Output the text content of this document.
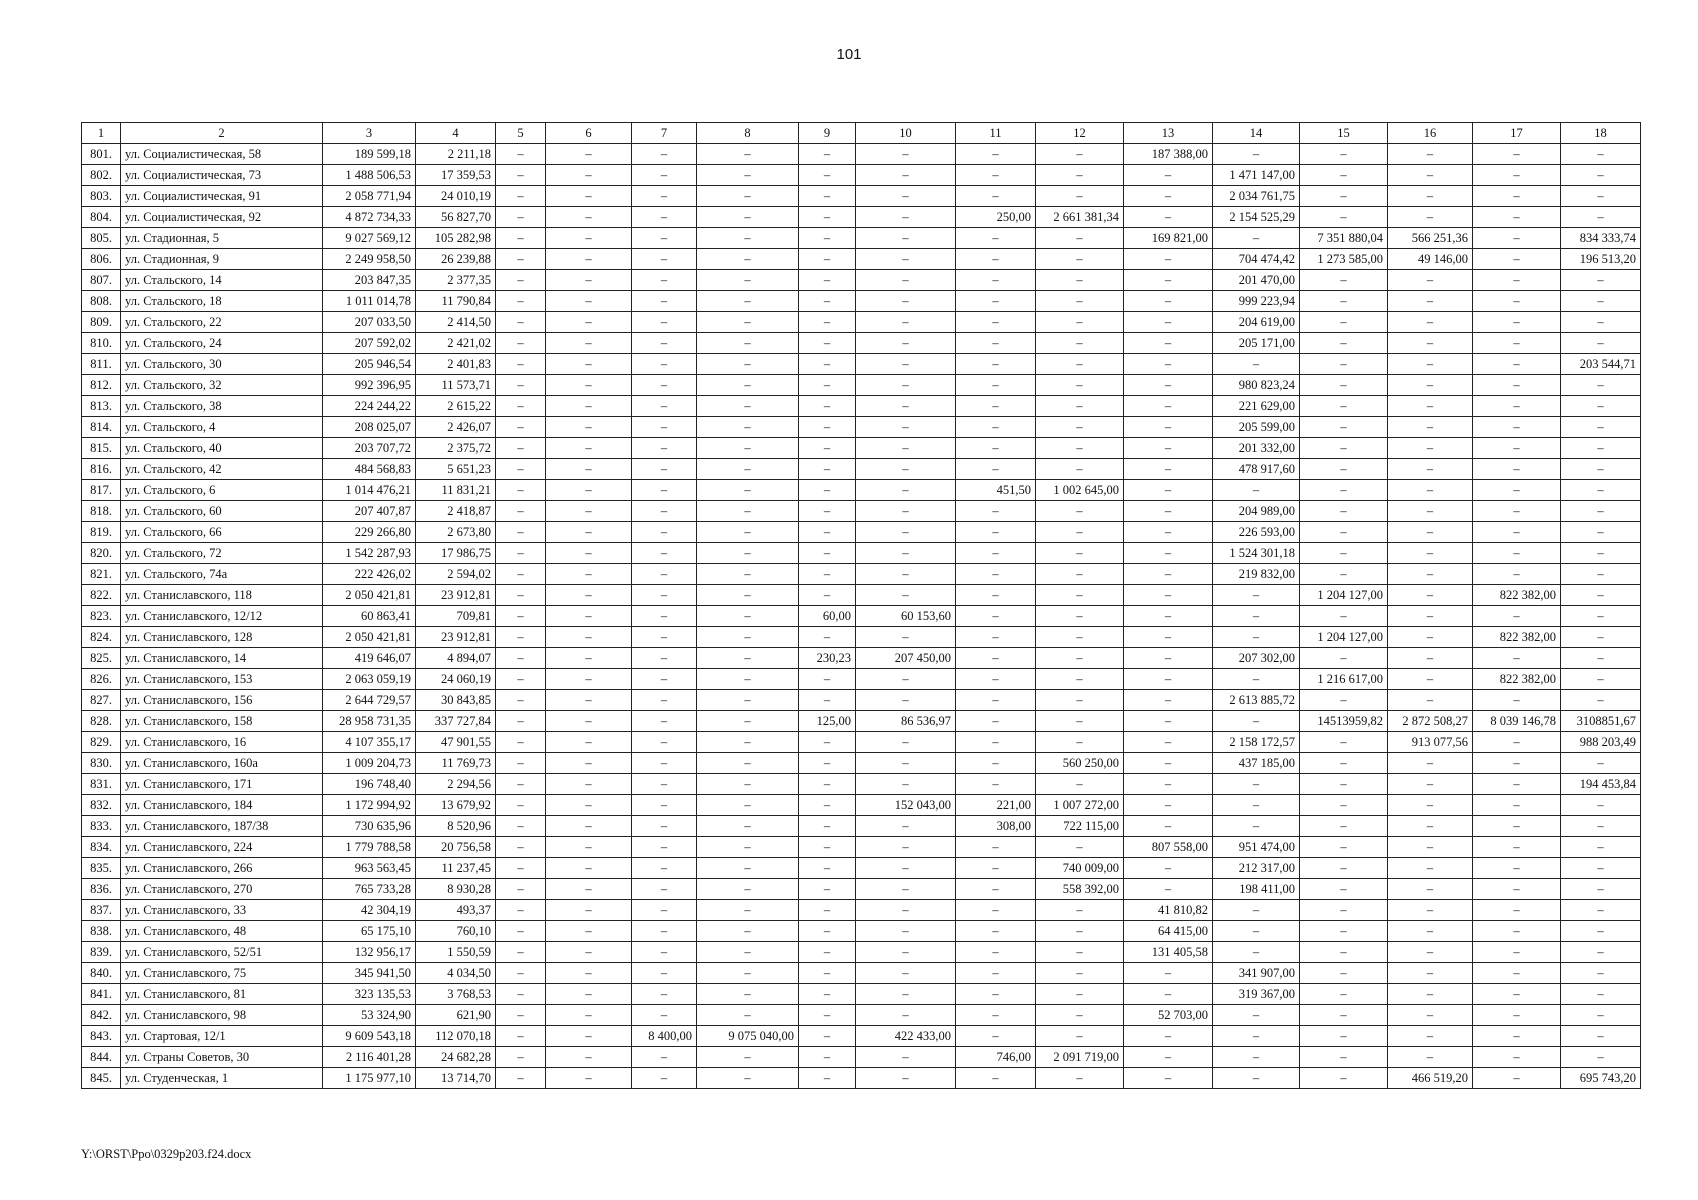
101
1	2	3	4	5	6	7	8	9	10	11	12	13	14	15	16	17	18
801.	ул. Социалистическая, 58	189 599,18	2 211,18	–	–	–	–	–	–	–	–	187 388,00	–	–	–	–	–
802.	ул. Социалистическая, 73	1 488 506,53	17 359,53	–	–	–	–	–	–	–	–	–	1 471 147,00	–	–	–	–
803.	ул. Социалистическая, 91	2 058 771,94	24 010,19	–	–	–	–	–	–	–	–	–	2 034 761,75	–	–	–	–
804.	ул. Социалистическая, 92	4 872 734,33	56 827,70	–	–	–	–	–	–	250,00	2 661 381,34	–	2 154 525,29	–	–	–	–
805.	ул. Стадионная, 5	9 027 569,12	105 282,98	–	–	–	–	–	–	–	–	169 821,00	–	7 351 880,04	566 251,36	–	834 333,74
806.	ул. Стадионная, 9	2 249 958,50	26 239,88	–	–	–	–	–	–	–	–	–	704 474,42	1 273 585,00	49 146,00	–	196 513,20
807.	ул. Стальского, 14	203 847,35	2 377,35	–	–	–	–	–	–	–	–	–	201 470,00	–	–	–	–
808.	ул. Стальского, 18	1 011 014,78	11 790,84	–	–	–	–	–	–	–	–	–	999 223,94	–	–	–	–
809.	ул. Стальского, 22	207 033,50	2 414,50	–	–	–	–	–	–	–	–	–	204 619,00	–	–	–	–
810.	ул. Стальского, 24	207 592,02	2 421,02	–	–	–	–	–	–	–	–	–	205 171,00	–	–	–	–
811.	ул. Стальского, 30	205 946,54	2 401,83	–	–	–	–	–	–	–	–	–	–	–	–	–	203 544,71
812.	ул. Стальского, 32	992 396,95	11 573,71	–	–	–	–	–	–	–	–	–	980 823,24	–	–	–	–
813.	ул. Стальского, 38	224 244,22	2 615,22	–	–	–	–	–	–	–	–	–	221 629,00	–	–	–	–
814.	ул. Стальского, 4	208 025,07	2 426,07	–	–	–	–	–	–	–	–	–	205 599,00	–	–	–	–
815.	ул. Стальского, 40	203 707,72	2 375,72	–	–	–	–	–	–	–	–	–	201 332,00	–	–	–	–
816.	ул. Стальского, 42	484 568,83	5 651,23	–	–	–	–	–	–	–	–	–	478 917,60	–	–	–	–
817.	ул. Стальского, 6	1 014 476,21	11 831,21	–	–	–	–	–	–	451,50	1 002 645,00	–	–	–	–	–	–
818.	ул. Стальского, 60	207 407,87	2 418,87	–	–	–	–	–	–	–	–	–	204 989,00	–	–	–	–
819.	ул. Стальского, 66	229 266,80	2 673,80	–	–	–	–	–	–	–	–	–	226 593,00	–	–	–	–
820.	ул. Стальского, 72	1 542 287,93	17 986,75	–	–	–	–	–	–	–	–	–	1 524 301,18	–	–	–	–
821.	ул. Стальского, 74а	222 426,02	2 594,02	–	–	–	–	–	–	–	–	–	219 832,00	–	–	–	–
822.	ул. Станиславского, 118	2 050 421,81	23 912,81	–	–	–	–	–	–	–	–	–	–	1 204 127,00	–	822 382,00	–
823.	ул. Станиславского, 12/12	60 863,41	709,81	–	–	–	–	60,00	60 153,60	–	–	–	–	–	–	–	–
824.	ул. Станиславского, 128	2 050 421,81	23 912,81	–	–	–	–	–	–	–	–	–	–	1 204 127,00	–	822 382,00	–
825.	ул. Станиславского, 14	419 646,07	4 894,07	–	–	–	–	230,23	207 450,00	–	–	–	207 302,00	–	–	–	–
826.	ул. Станиславского, 153	2 063 059,19	24 060,19	–	–	–	–	–	–	–	–	–	–	1 216 617,00	–	822 382,00	–
827.	ул. Станиславского, 156	2 644 729,57	30 843,85	–	–	–	–	–	–	–	–	–	2 613 885,72	–	–	–	–
828.	ул. Станиславского, 158	28 958 731,35	337 727,84	–	–	–	–	125,00	86 536,97	–	–	–	–	14513959,82	2 872 508,27	8 039 146,78	3108851,67
829.	ул. Станиславского, 16	4 107 355,17	47 901,55	–	–	–	–	–	–	–	–	–	2 158 172,57	–	913 077,56	–	988 203,49
830.	ул. Станиславского, 160а	1 009 204,73	11 769,73	–	–	–	–	–	–	–	560 250,00	–	437 185,00	–	–	–	–
831.	ул. Станиславского, 171	196 748,40	2 294,56	–	–	–	–	–	–	–	–	–	–	–	–	–	194 453,84
832.	ул. Станиславского, 184	1 172 994,92	13 679,92	–	–	–	–	–	152 043,00	221,00	1 007 272,00	–	–	–	–	–	–
833.	ул. Станиславского, 187/38	730 635,96	8 520,96	–	–	–	–	–	–	308,00	722 115,00	–	–	–	–	–	–
834.	ул. Станиславского, 224	1 779 788,58	20 756,58	–	–	–	–	–	–	–	–	807 558,00	951 474,00	–	–	–	–
835.	ул. Станиславского, 266	963 563,45	11 237,45	–	–	–	–	–	–	–	740 009,00	–	212 317,00	–	–	–	–
836.	ул. Станиславского, 270	765 733,28	8 930,28	–	–	–	–	–	–	–	558 392,00	–	198 411,00	–	–	–	–
837.	ул. Станиславского, 33	42 304,19	493,37	–	–	–	–	–	–	–	–	41 810,82	–	–	–	–	–
838.	ул. Станиславского, 48	65 175,10	760,10	–	–	–	–	–	–	–	–	64 415,00	–	–	–	–	–
839.	ул. Станиславского, 52/51	132 956,17	1 550,59	–	–	–	–	–	–	–	–	131 405,58	–	–	–	–	–
840.	ул. Станиславского, 75	345 941,50	4 034,50	–	–	–	–	–	–	–	–	–	341 907,00	–	–	–	–
841.	ул. Станиславского, 81	323 135,53	3 768,53	–	–	–	–	–	–	–	–	–	319 367,00	–	–	–	–
842.	ул. Станиславского, 98	53 324,90	621,90	–	–	–	–	–	–	–	–	52 703,00	–	–	–	–	–
843.	ул. Стартовая, 12/1	9 609 543,18	112 070,18	–	–	8 400,00	9 075 040,00	–	422 433,00	–	–	–	–	–	–	–	–
844.	ул. Страны Советов, 30	2 116 401,28	24 682,28	–	–	–	–	–	–	746,00	2 091 719,00	–	–	–	–	–	–
845.	ул. Студенческая, 1	1 175 977,10	13 714,70	–	–	–	–	–	–	–	–	–	–	–	466 519,20	–	695 743,20
Y:\ORST\Ppo\0329p203.f24.docx
